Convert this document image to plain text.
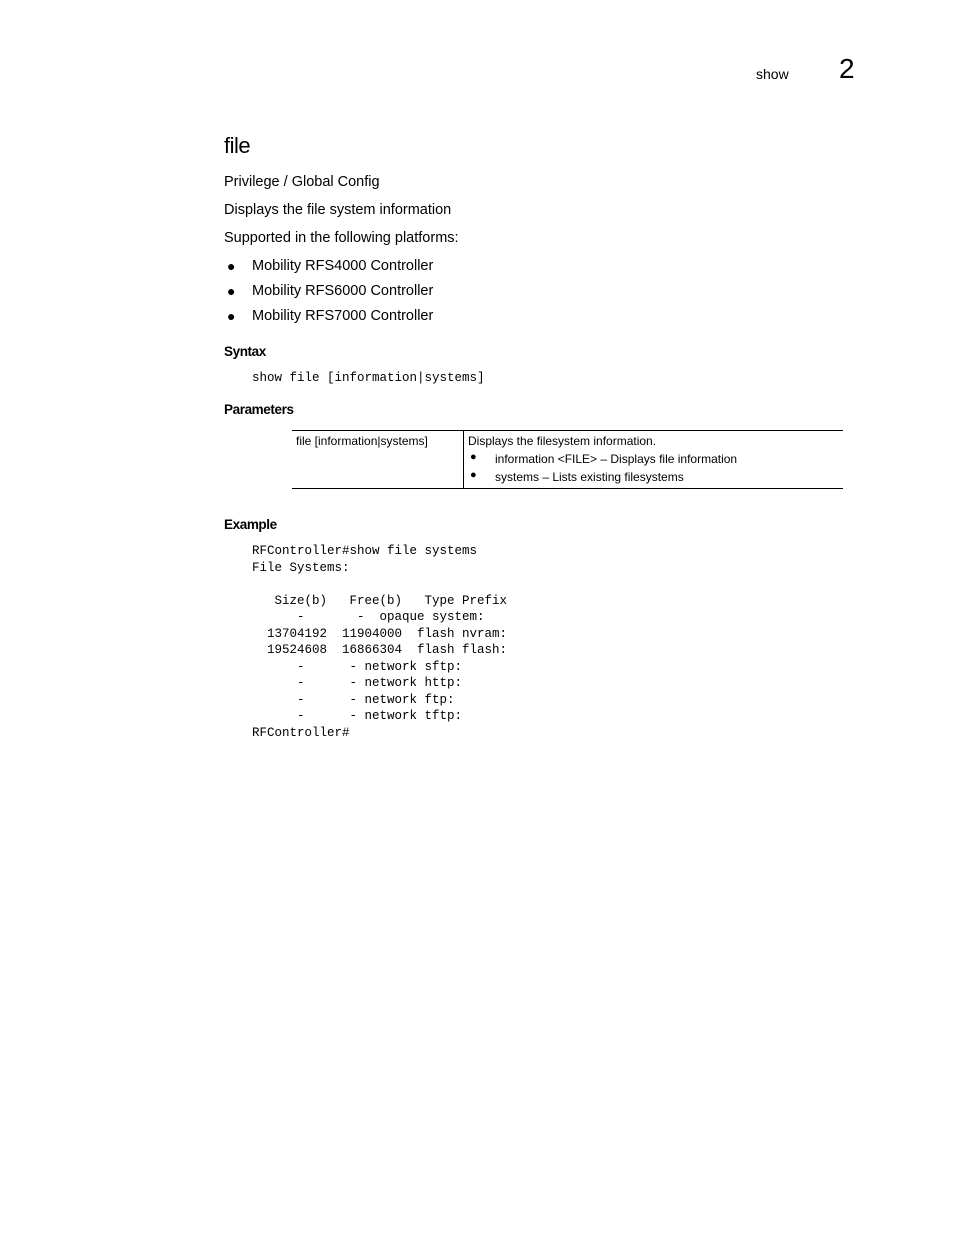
show 2
file
Privilege / Global Config
Displays the file system information
Supported in the following platforms:
● Mobility RFS4000 Controller
● Mobility RFS6000 Controller
● Mobility RFS7000 Controller
Syntax
show file [information|systems]
Parameters
file [information|systems]	Displays the filesystem information.
● information <FILE> – Displays file information
● systems – Lists existing filesystems
Example
RFController#show file systems
File Systems:

Size(b)   Free(b)   Type Prefix
-       -  opaque system:
13704192  11904000  flash nvram:
19524608  16866304  flash flash:
-      - network sftp:
-      - network http:
-      - network ftp:
-      - network tftp:
RFController#
